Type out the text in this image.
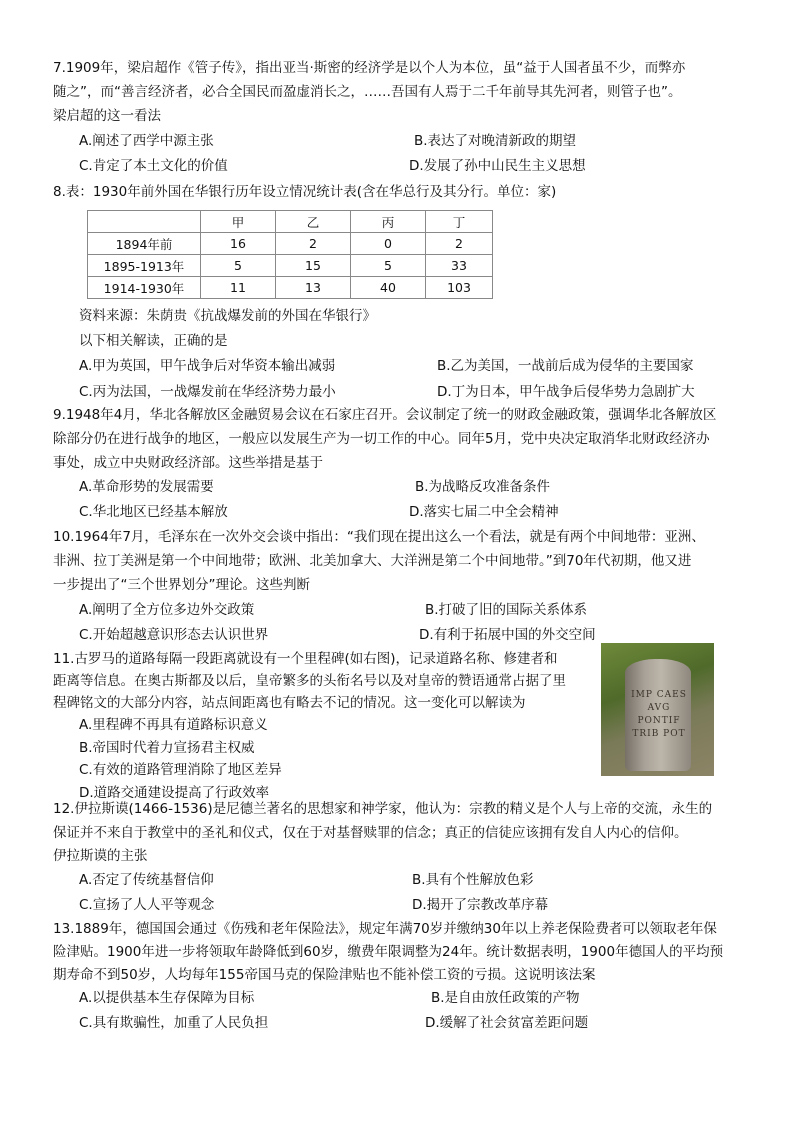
7.1909年，梁启超作《管子传》，指出亚当·斯密的经济学是以个人为本位，虽“益于人国者虽不少，而弊亦
随之”，而“善言经济者，必合全国民而盈虚消长之，……吾国有人焉于二千年前导其先河者，则管子也”。
梁启超的这一看法
A.阐述了西学中源主张	B.表达了对晚清新政的期望
C.肯定了本土文化的价值	D.发展了孙中山民生主义思想
8.表：1930年前外国在华银行历年设立情况统计表(含在华总行及其分行。单位：家)
	甲	乙	丙	丁
1894年前	16	2	0	2
1895-1913年	5	15	5	33
1914-1930年	11	13	40	103
资料来源：朱荫贵《抗战爆发前的外国在华银行》
以下相关解读，正确的是
A.甲为英国，甲午战争后对华资本输出减弱	B.乙为美国，一战前后成为侵华的主要国家
C.丙为法国，一战爆发前在华经济势力最小	D.丁为日本，甲午战争后侵华势力急剧扩大
9.1948年4月，华北各解放区金融贸易会议在石家庄召开。会议制定了统一的财政金融政策，强调华北各解放区
除部分仍在进行战争的地区，一般应以发展生产为一切工作的中心。同年5月，党中央决定取消华北财政经济办
事处，成立中央财政经济部。这些举措是基于
A.革命形势的发展需要	B.为战略反攻准备条件
C.华北地区已经基本解放	D.落实七届二中全会精神
10.1964年7月，毛泽东在一次外交会谈中指出：“我们现在提出这么一个看法，就是有两个中间地带：亚洲、
非洲、拉丁美洲是第一个中间地带；欧洲、北美加拿大、大洋洲是第二个中间地带。”到70年代初期，他又进
一步提出了“三个世界划分”理论。这些判断
A.阐明了全方位多边外交政策	B.打破了旧的国际关系体系
C.开始超越意识形态去认识世界	D.有利于拓展中国的外交空间
11.古罗马的道路每隔一段距离就设有一个里程碑(如右图)，记录道路名称、修建者和
距离等信息。在奥古斯都及以后，皇帝繁多的头衔名号以及对皇帝的赞语通常占据了里
程碑铭文的大部分内容，站点间距离也有略去不记的情况。这一变化可以解读为
A.里程碑不再具有道路标识意义
B.帝国时代着力宣扬君主权威
C.有效的道路管理消除了地区差异
D.道路交通建设提高了行政效率
IMP CAES AVG PONTIF TRIB POT
12.伊拉斯谟(1466-1536)是尼德兰著名的思想家和神学家，他认为：宗教的精义是个人与上帝的交流，永生的
保证并不来自于教堂中的圣礼和仪式，仅在于对基督赎罪的信念；真正的信徒应该拥有发自人内心的信仰。
伊拉斯谟的主张
A.否定了传统基督信仰	B.具有个性解放色彩
C.宣扬了人人平等观念	D.揭开了宗教改革序幕
13.1889年，德国国会通过《伤残和老年保险法》，规定年满70岁并缴纳30年以上养老保险费者可以领取老年保
险津贴。1900年进一步将领取年龄降低到60岁，缴费年限调整为24年。统计数据表明，1900年德国人的平均预
期寿命不到50岁，人均每年155帝国马克的保险津贴也不能补偿工资的亏损。这说明该法案
A.以提供基本生存保障为目标	B.是自由放任政策的产物
C.具有欺骗性，加重了人民负担	D.缓解了社会贫富差距问题
